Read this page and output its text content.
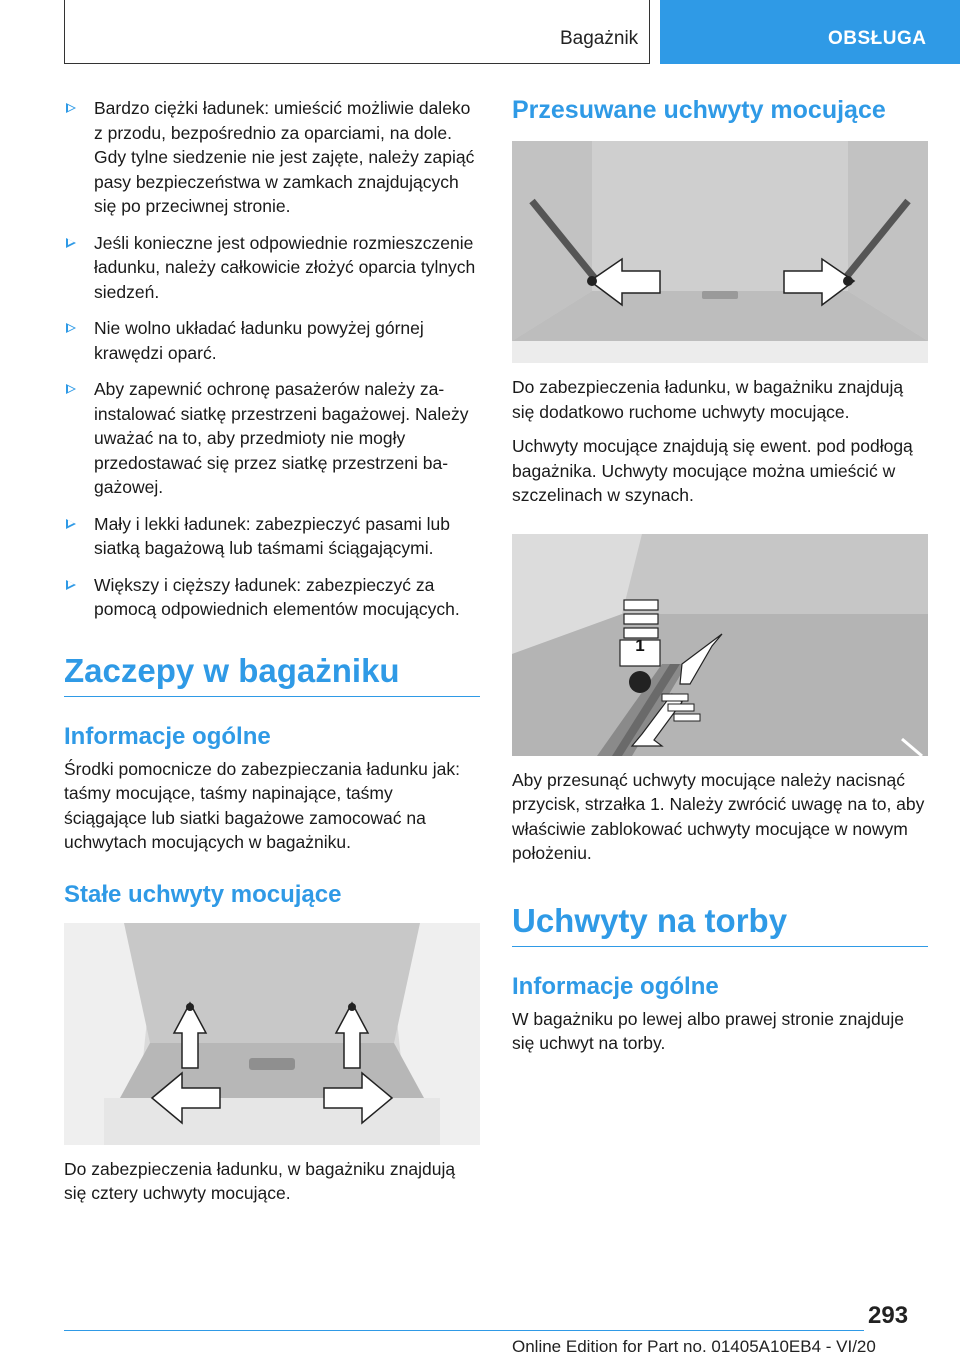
Bagażnik	OBSŁUGA
Bardzo ciężki ładunek: umieścić możliwie daleko z przodu, bezpośrednio za oparciami, na dole. Gdy tylne siedzenie nie jest zajęte, należy zapiąć pasy bezpieczeństwa w zamkach znajdujących się po przeciwnej stronie.
Jeśli konieczne jest odpowiednie rozmieszczenie ładunku, należy całkowicie złożyć oparcia tylnych siedzeń.
Nie wolno układać ładunku powyżej górnej krawędzi oparć.
Aby zapewnić ochronę pasażerów należy zainstalować siatkę przestrzeni bagażowej. Należy uważać na to, aby przedmioty nie mogły przedostawać się przez siatkę przestrzeni bagażowej.
Mały i lekki ładunek: zabezpieczyć pasami lub siatką bagażową lub taśmami ściągającymi.
Większy i cięższy ładunek: zabezpieczyć za pomocą odpowiednich elementów mocujących.
Zaczepy w bagażniku
Informacje ogólne

Środki pomocnicze do zabezpieczania ładunku jak: taśmy mocujące, taśmy napinające, taśmy ściągające lub siatki bagażowe zamocować na uchwytach mocujących w bagażniku.

Stałe uchwyty mocujące

Do zabezpieczenia ładunku, w bagażniku znajdują się cztery uchwyty mocujące.

Przesuwane uchwyty mocujące

Do zabezpieczenia ładunku, w bagażniku znajdują się dodatkowo ruchome uchwyty mocujące.

Uchwyty mocujące znajdują się ewent. pod podłogą bagażnika. Uchwyty mocujące można umieścić w szczelinach w szynach.

1

Aby przesunąć uchwyty mocujące należy nacisnąć przycisk, strzałka 1. Należy zwrócić uwagę na to, aby właściwie zablokować uchwyty mocujące w nowym położeniu.

Uchwyty na torby
Informacje ogólne

W bagażniku po lewej albo prawej stronie znajduje się uchwyt na torby.

293
Online Edition for Part no. 01405A10EB4 - VI/20
